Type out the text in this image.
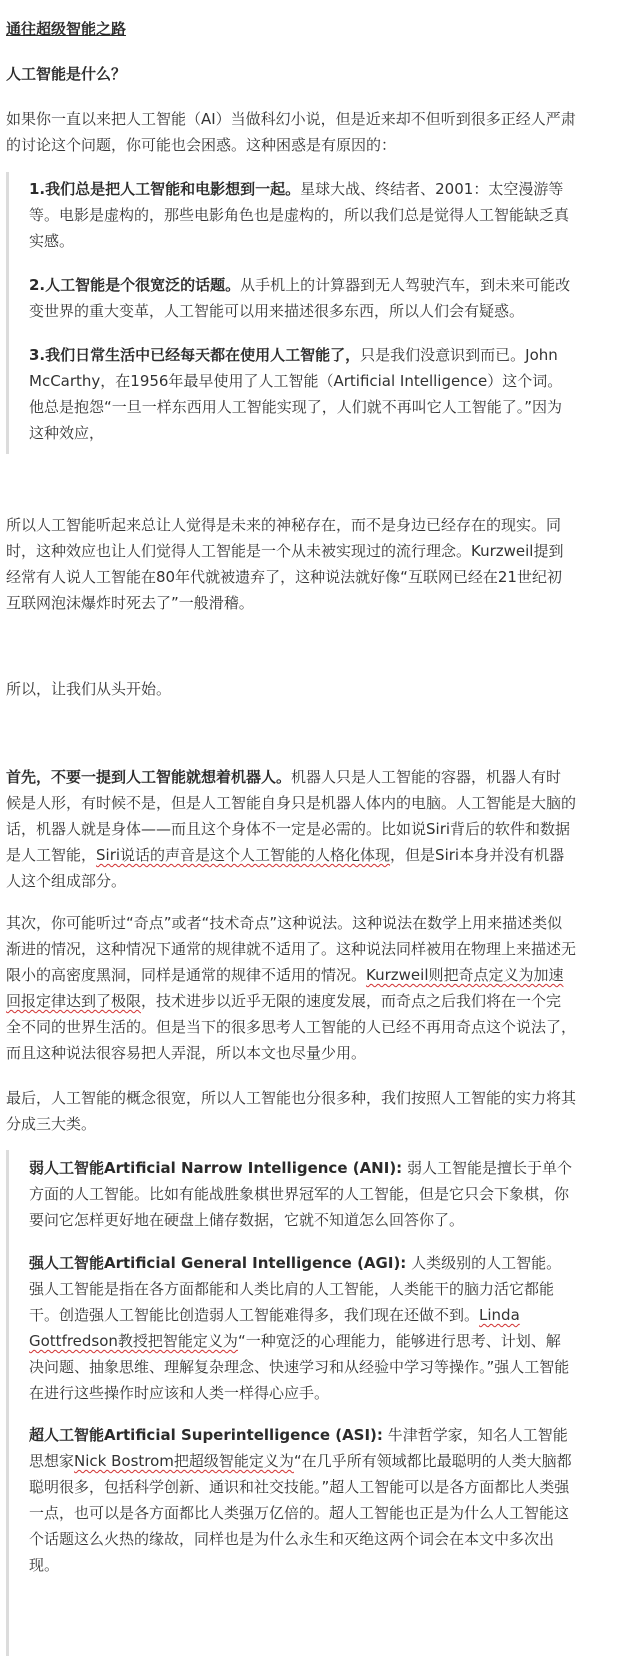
通往超级智能之路
人工智能是什么？

如果你一直以来把人工智能（AI）当做科幻小说，但是近来却不但听到很多正经人严肃的讨论这个问题，你可能也会困惑。这种困惑是有原因的：

1.我们总是把人工智能和电影想到一起。星球大战、终结者、2001：太空漫游等等。电影是虚构的，那些电影角色也是虚构的，所以我们总是觉得人工智能缺乏真实感。

2.人工智能是个很宽泛的话题。从手机上的计算器到无人驾驶汽车，到未来可能改变世界的重大变革，人工智能可以用来描述很多东西，所以人们会有疑惑。

3.我们日常生活中已经每天都在使用人工智能了，只是我们没意识到而已。John McCarthy，在1956年最早使用了人工智能（Artificial Intelligence）这个词。他总是抱怨“一旦一样东西用人工智能实现了，人们就不再叫它人工智能了。”因为这种效应，

所以人工智能听起来总让人觉得是未来的神秘存在，而不是身边已经存在的现实。同时，这种效应也让人们觉得人工智能是一个从未被实现过的流行理念。Kurzweil提到经常有人说人工智能在80年代就被遗弃了，这种说法就好像“互联网已经在21世纪初互联网泡沫爆炸时死去了”一般滑稽。

所以，让我们从头开始。

首先，不要一提到人工智能就想着机器人。机器人只是人工智能的容器，机器人有时候是人形，有时候不是，但是人工智能自身只是机器人体内的电脑。人工智能是大脑的话，机器人就是身体——而且这个身体不一定是必需的。比如说Siri背后的软件和数据是人工智能，Siri说话的声音是这个人工智能的人格化体现，但是Siri本身并没有机器人这个组成部分。

其次，你可能听过“奇点”或者“技术奇点”这种说法。这种说法在数学上用来描述类似渐进的情况，这种情况下通常的规律就不适用了。这种说法同样被用在物理上来描述无限小的高密度黑洞，同样是通常的规律不适用的情况。Kurzweil则把奇点定义为加速回报定律达到了极限，技术进步以近乎无限的速度发展，而奇点之后我们将在一个完全不同的世界生活的。但是当下的很多思考人工智能的人已经不再用奇点这个说法了，而且这种说法很容易把人弄混，所以本文也尽量少用。

最后，人工智能的概念很宽，所以人工智能也分很多种，我们按照人工智能的实力将其分成三大类。

弱人工智能Artificial Narrow Intelligence (ANI): 弱人工智能是擅长于单个方面的人工智能。比如有能战胜象棋世界冠军的人工智能，但是它只会下象棋，你要问它怎样更好地在硬盘上储存数据，它就不知道怎么回答你了。

强人工智能Artificial General Intelligence (AGI): 人类级别的人工智能。强人工智能是指在各方面都能和人类比肩的人工智能，人类能干的脑力活它都能干。创造强人工智能比创造弱人工智能难得多，我们现在还做不到。Linda Gottfredson教授把智能定义为“一种宽泛的心理能力，能够进行思考、计划、解决问题、抽象思维、理解复杂理念、快速学习和从经验中学习等操作。”强人工智能在进行这些操作时应该和人类一样得心应手。

超人工智能Artificial Superintelligence (ASI): 牛津哲学家，知名人工智能思想家Nick Bostrom把超级智能定义为“在几乎所有领域都比最聪明的人类大脑都聪明很多，包括科学创新、通识和社交技能。”超人工智能可以是各方面都比人类强一点，也可以是各方面都比人类强万亿倍的。超人工智能也正是为什么人工智能这个话题这么火热的缘故，同样也是为什么永生和灭绝这两个词会在本文中多次出现。
